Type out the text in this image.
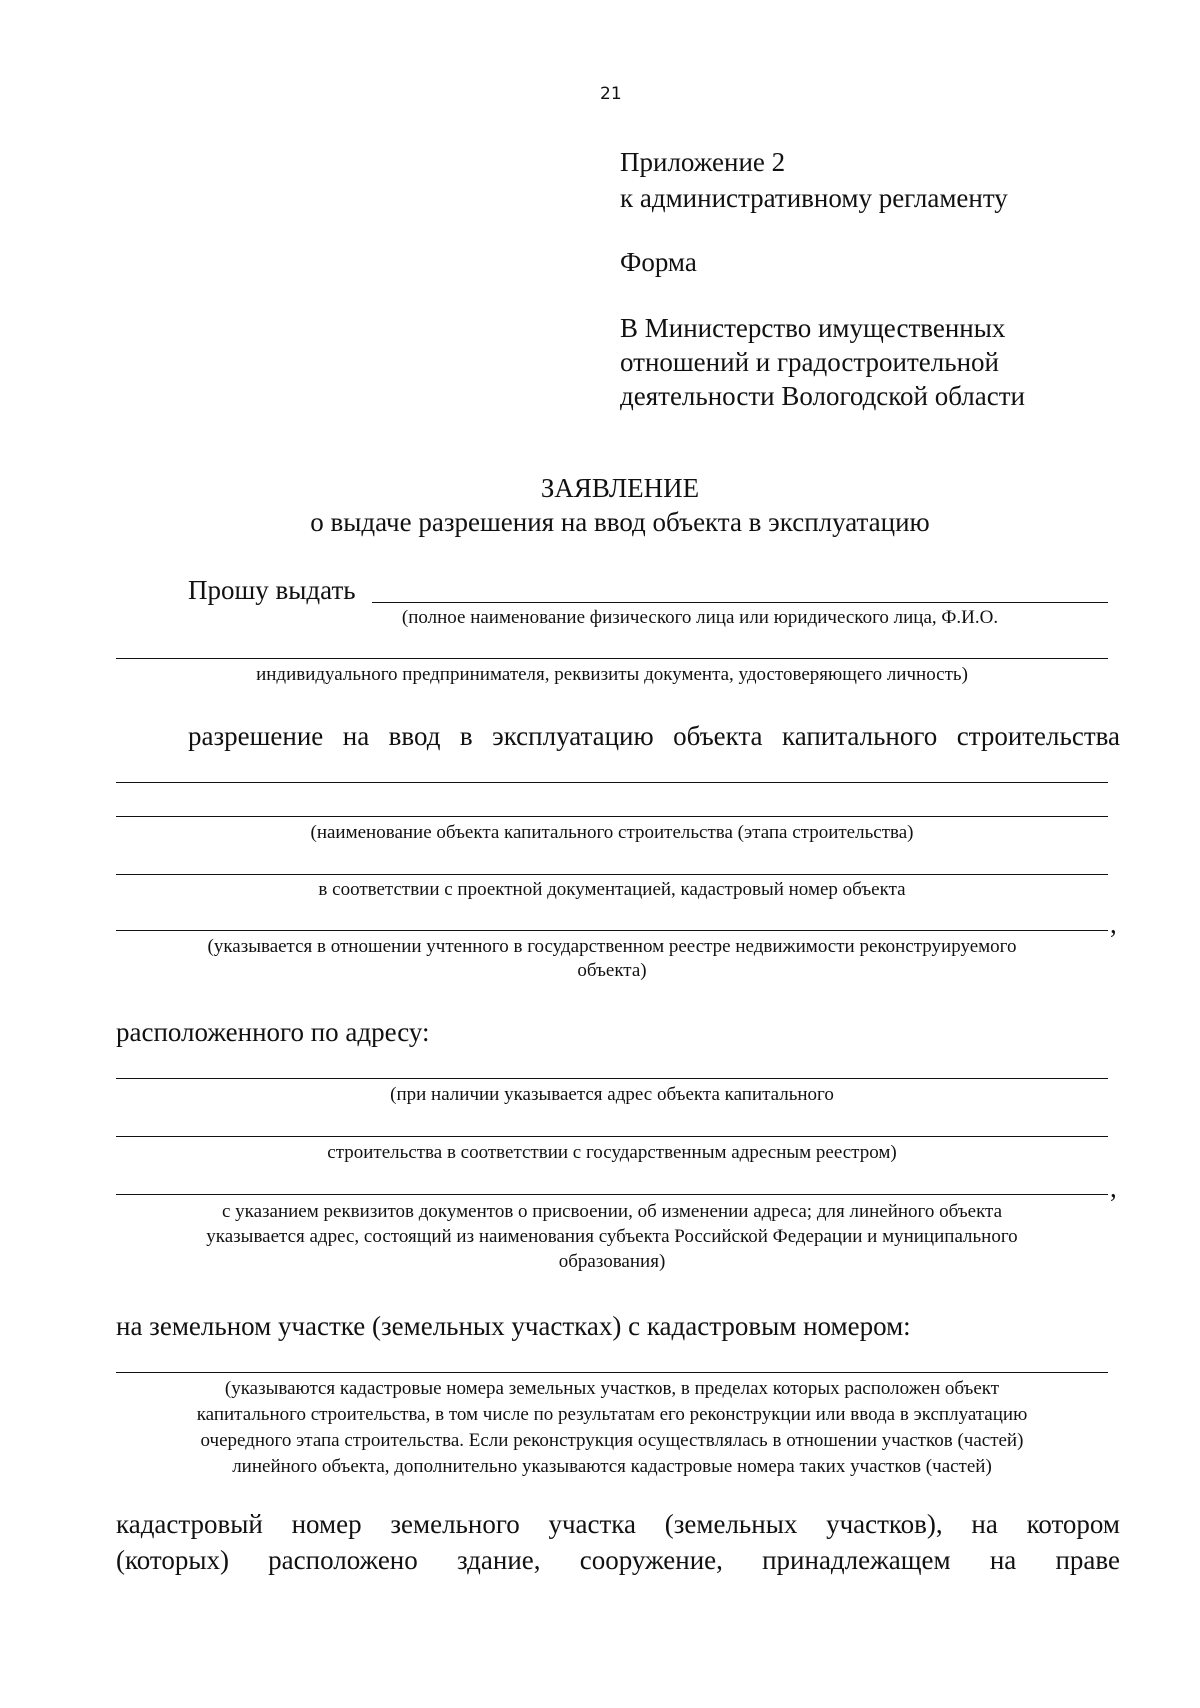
21
Приложение 2
к административному регламенту
Форма
В Министерство имущественных
отношений и градостроительной
деятельности Вологодской области
ЗАЯВЛЕНИЕ
о выдаче разрешения на ввод объекта в эксплуатацию
Прошу выдать
(полное наименование физического лица или юридического лица, Ф.И.О.
индивидуального предпринимателя, реквизиты документа, удостоверяющего личность)
разрешение на ввод в эксплуатацию объекта капитального строительства
(наименование объекта капитального строительства (этапа строительства)
в соответствии с проектной документацией, кадастровый номер объекта
,
(указывается в отношении учтенного в государственном реестре недвижимости реконструируемого
объекта)
расположенного по адресу:
(при наличии указывается адрес объекта капитального
строительства в соответствии с государственным адресным реестром)
,
с указанием реквизитов документов о присвоении, об изменении адреса; для линейного объекта
указывается адрес, состоящий из наименования субъекта Российской Федерации и муниципального
образования)
на земельном участке (земельных участках) с кадастровым номером:
(указываются кадастровые номера земельных участков, в пределах которых расположен объект
капитального строительства, в том числе по результатам его реконструкции или ввода в эксплуатацию
очередного этапа строительства. Если реконструкция осуществлялась в отношении участков (частей)
линейного объекта, дополнительно указываются кадастровые номера таких участков (частей)
кадастровый номер земельного участка (земельных участков), на котором
(которых) расположено здание, сооружение, принадлежащем на праве
